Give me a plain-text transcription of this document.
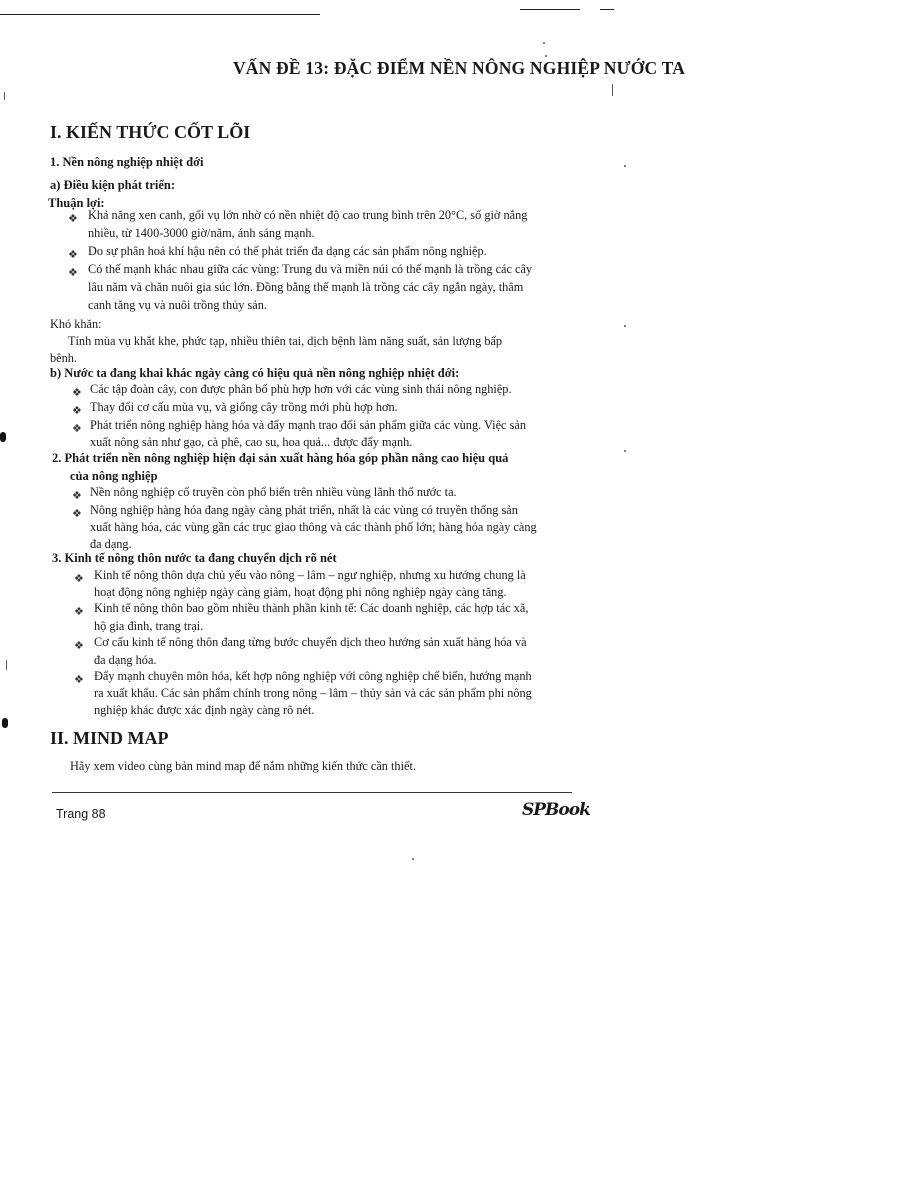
VẤN ĐỀ 13: ĐẶC ĐIỂM NỀN NÔNG NGHIỆP NƯỚC TA
I. KIẾN THỨC CỐT LÕI
1. Nền nông nghiệp nhiệt đới
a) Điều kiện phát triển:
Thuận lợi:
❖ Khả năng xen canh, gối vụ lớn nhờ có nền nhiệt độ cao trung bình trên 20°C, số giờ nắng
nhiều, từ 1400-3000 giờ/năm, ánh sáng mạnh.
❖ Do sự phân hoá khí hậu nên có thể phát triển đa dạng các sản phẩm nông nghiệp.
❖ Có thế mạnh khác nhau giữa các vùng: Trung du và miền núi có thế mạnh là trồng các cây
lâu năm và chăn nuôi gia súc lớn. Đồng bằng thế mạnh là trồng các cây ngắn ngày, thâm
canh tăng vụ và nuôi trồng thủy sản.
Khó khăn:
Tính mùa vụ khắt khe, phức tạp, nhiều thiên tai, dịch bệnh làm năng suất, sản lượng bấp
bênh.
b) Nước ta đang khai khác ngày càng có hiệu quả nền nông nghiệp nhiệt đới:
❖ Các tập đoàn cây, con được phân bố phù hợp hơn với các vùng sinh thái nông nghiệp.
❖ Thay đổi cơ cấu mùa vụ, và giống cây trồng mới phù hợp hơn.
❖ Phát triển nông nghiệp hàng hóa và đẩy mạnh trao đổi sản phẩm giữa các vùng. Việc sản
xuất nông sản như gạo, cà phê, cao su, hoa quả... được đẩy mạnh.
2. Phát triển nền nông nghiệp hiện đại sản xuất hàng hóa góp phần nâng cao hiệu quả
của nông nghiệp
❖ Nền nông nghiệp cổ truyền còn phổ biến trên nhiều vùng lãnh thổ nước ta.
❖ Nông nghiệp hàng hóa đang ngày càng phát triển, nhất là các vùng có truyền thống sản
xuất hàng hóa, các vùng gần các trục giao thông và các thành phố lớn; hàng hóa ngày càng
đa dạng.
3. Kinh tế nông thôn nước ta đang chuyển dịch rõ nét
❖ Kinh tế nông thôn dựa chủ yếu vào nông – lâm – ngư nghiệp, nhưng xu hướng chung là
hoạt động nông nghiệp ngày càng giảm, hoạt động phi nông nghiệp ngày càng tăng.
❖ Kinh tế nông thôn bao gồm nhiều thành phần kinh tế: Các doanh nghiệp, các hợp tác xã,
hộ gia đình, trang trại.
❖ Cơ cấu kinh tế nông thôn đang từng bước chuyển dịch theo hướng sản xuất hàng hóa và
đa dạng hóa.
❖ Đẩy mạnh chuyên môn hóa, kết hợp nông nghiệp với công nghiệp chế biến, hướng mạnh
ra xuất khẩu. Các sản phẩm chính trong nông – lâm – thủy sản và các sản phẩm phi nông
nghiệp khác được xác định ngày càng rõ nét.
II. MIND MAP
Hãy xem video cùng bản mind map để nắm những kiến thức cần thiết.
Trang 88	SPBook
